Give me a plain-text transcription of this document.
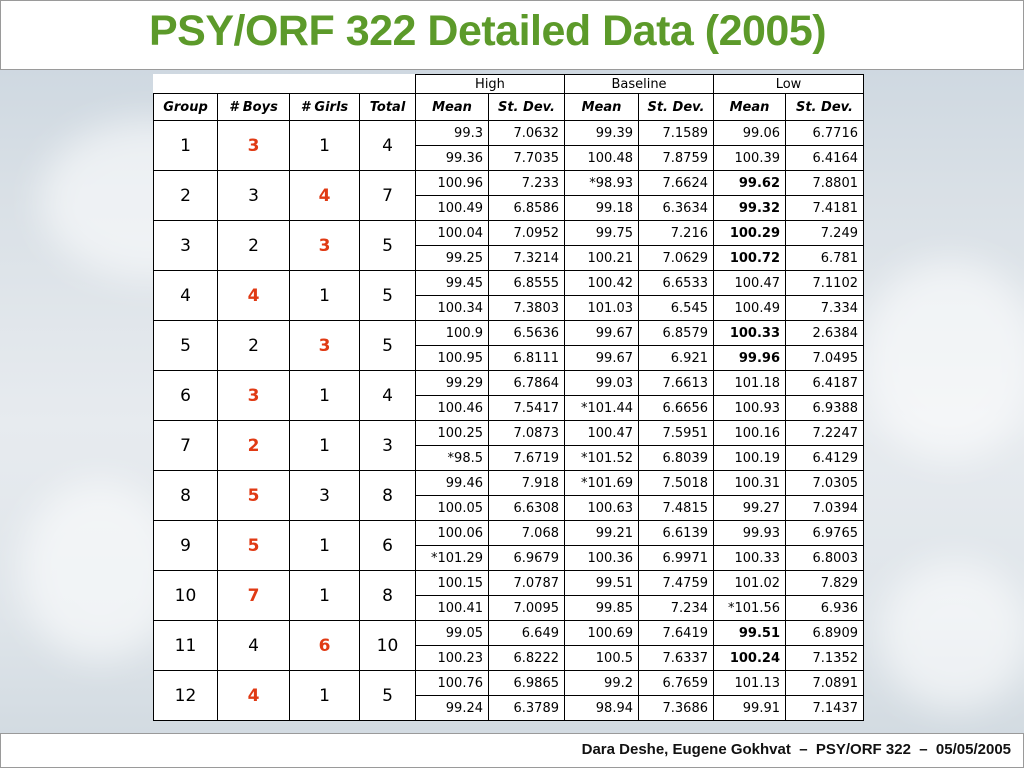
PSY/ORF 322 Detailed Data (2005)
				High		Baseline		Low	
Group	# Boys	# Girls	Total	Mean	St. Dev.	Mean	St. Dev.	Mean	St. Dev.
1	3	1	4	99.3	7.0632	99.39	7.1589	99.06	6.7716
				99.36	7.7035	100.48	7.8759	100.39	6.4164
2	3	4	7	100.96	7.233	*98.93	7.6624	99.62	7.8801
				100.49	6.8586	99.18	6.3634	99.32	7.4181
3	2	3	5	100.04	7.0952	99.75	7.216	100.29	7.249
				99.25	7.3214	100.21	7.0629	100.72	6.781
4	4	1	5	99.45	6.8555	100.42	6.6533	100.47	7.1102
				100.34	7.3803	101.03	6.545	100.49	7.334
5	2	3	5	100.9	6.5636	99.67	6.8579	100.33	2.6384
				100.95	6.8111	99.67	6.921	99.96	7.0495
6	3	1	4	99.29	6.7864	99.03	7.6613	101.18	6.4187
				100.46	7.5417	*101.44	6.6656	100.93	6.9388
7	2	1	3	100.25	7.0873	100.47	7.5951	100.16	7.2247
				*98.5	7.6719	*101.52	6.8039	100.19	6.4129
8	5	3	8	99.46	7.918	*101.69	7.5018	100.31	7.0305
				100.05	6.6308	100.63	7.4815	99.27	7.0394
9	5	1	6	100.06	7.068	99.21	6.6139	99.93	6.9765
				*101.29	6.9679	100.36	6.9971	100.33	6.8003
10	7	1	8	100.15	7.0787	99.51	7.4759	101.02	7.829
				100.41	7.0095	99.85	7.234	*101.56	6.936
11	4	6	10	99.05	6.649	100.69	7.6419	99.51	6.8909
				100.23	6.8222	100.5	7.6337	100.24	7.1352
12	4	1	5	100.76	6.9865	99.2	6.7659	101.13	7.0891
				99.24	6.3789	98.94	7.3686	99.91	7.1437
Dara Deshe, Eugene Gokhvat  –  PSY/ORF 322  –  05/05/2005
